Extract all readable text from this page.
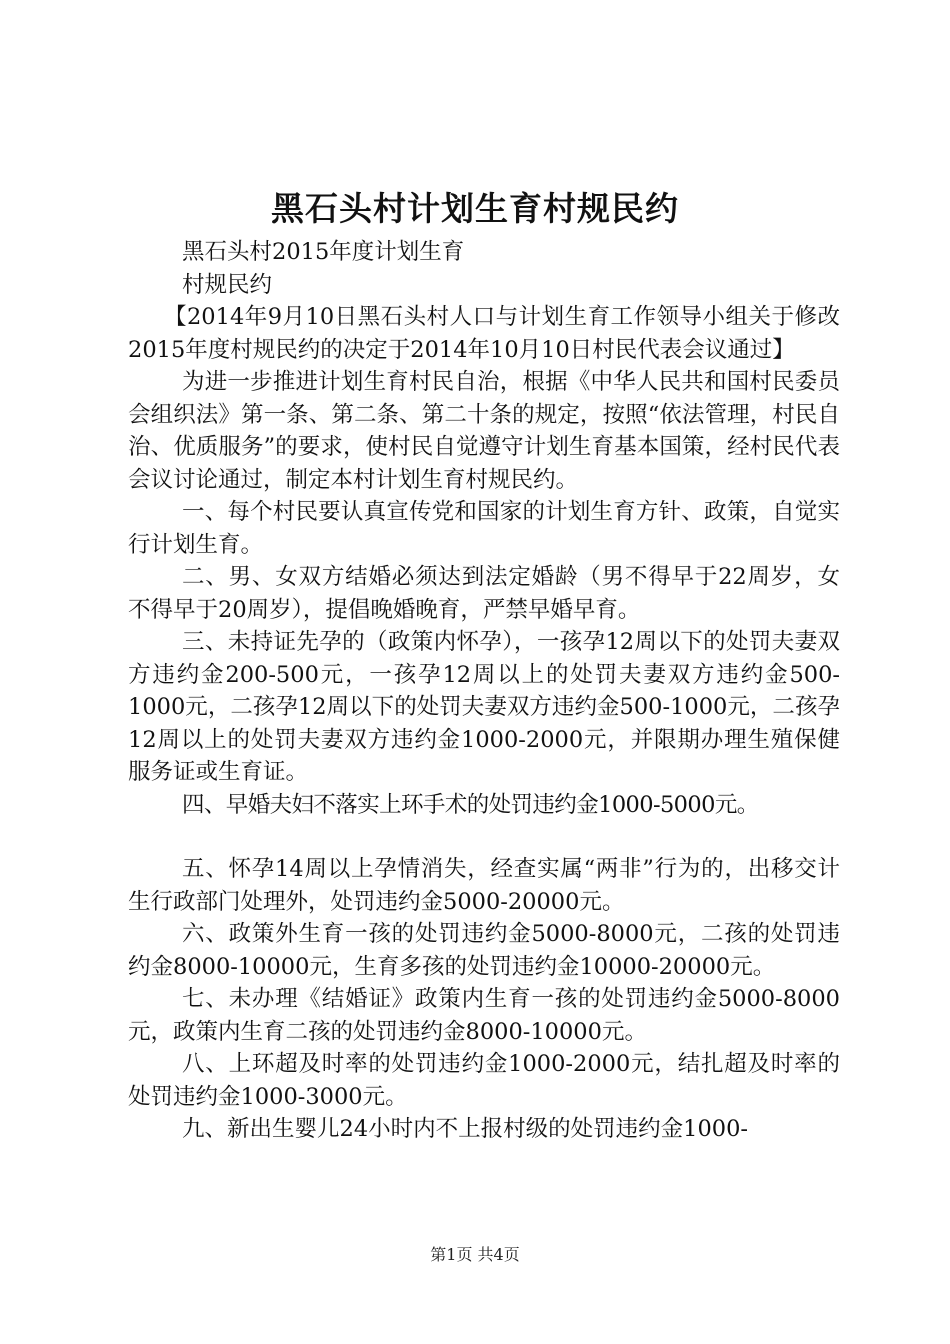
黑石头村计划生育村规民约

黑石头村2015年度计划生育

村规民约

【2014年9月10日黑石头村人口与计划生育工作领导小组关于修改2015年度村规民约的决定于2014年10月10日村民代表会议通过】

为进一步推进计划生育村民自治，根据《中华人民共和国村民委员会组织法》第一条、第二条、第二十条的规定，按照“依法管理，村民自治、优质服务”的要求，使村民自觉遵守计划生育基本国策，经村民代表会议讨论通过，制定本村计划生育村规民约。

一、每个村民要认真宣传党和国家的计划生育方针、政策，自觉实行计划生育。

二、男、女双方结婚必须达到法定婚龄（男不得早于22周岁，女不得早于20周岁），提倡晚婚晚育，严禁早婚早育。

三、未持证先孕的（政策内怀孕），一孩孕12周以下的处罚夫妻双方违约金200-500元，一孩孕12周以上的处罚夫妻双方违约金500-1000元，二孩孕12周以下的处罚夫妻双方违约金500-1000元，二孩孕12周以上的处罚夫妻双方违约金1000-2000元，并限期办理生殖保健服务证或生育证。

四、早婚夫妇不落实上环手术的处罚违约金1000-5000元。

五、怀孕14周以上孕情消失，经查实属“两非”行为的，出移交计生行政部门处理外，处罚违约金5000-20000元。

六、政策外生育一孩的处罚违约金5000-8000元，二孩的处罚违约金8000-10000元，生育多孩的处罚违约金10000-20000元。

七、未办理《结婚证》政策内生育一孩的处罚违约金5000-8000元，政策内生育二孩的处罚违约金8000-10000元。

八、上环超及时率的处罚违约金1000-2000元，结扎超及时率的处罚违约金1000-3000元。

九、新出生婴儿24小时内不上报村级的处罚违约金1000-

第1页 共4页
